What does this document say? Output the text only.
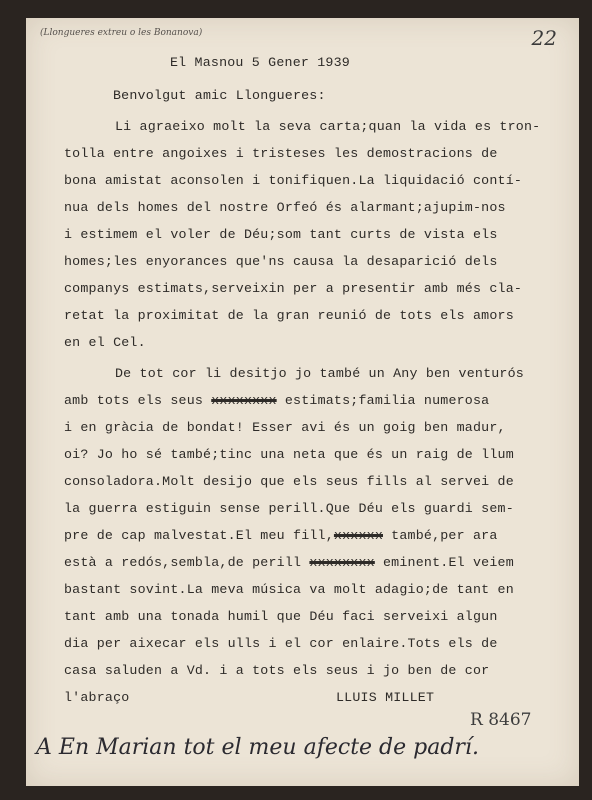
(Llongueres extreu o les Bonanova)	22
El Masnou 5 Gener 1939
Benvolgut amic Llongueres:
Li agraeixo molt la seva carta;quan la vida es tron-
tolla entre angoixes i tristeses les demostracions de
bona amistat aconsolen i tonifiquen.La liquidació contí-
nua dels homes del nostre Orfeó és alarmant;ajupim-nos
i estimem el voler de Déu;som tant curts de vista els
homes;les enyorances que'ns causa la desaparició dels
companys estimats,serveixin per a presentir amb més cla-
retat la proximitat de la gran reunió de tots els amors
en el Cel.
De tot cor li desitjo jo també un Any ben venturós
amb tots els seus xxxxxxxx estimats;familia numerosa
i en gràcia de bondat! Esser avi és un goig ben madur,
oi? Jo ho sé també;tinc una neta que és un raig de llum
consoladora.Molt desijo que els seus fills al servei de
la guerra estiguin sense perill.Que Déu els guardi sem-
pre de cap malvestat.El meu fill,xxxxxx també,per ara
està a redós,sembla,de perill xxxxxxxx eminent.El veiem
bastant sovint.La meva música va molt adagio;de tant en
tant amb una tonada humil que Déu faci serveixi algun
dia per aixecar els ulls i el cor enlaire.Tots els de
casa saluden a Vd. i a tots els seus i jo ben de cor
l'abraço	LLUIS MILLET
R 8467
A En Marian tot el meu afecte de padrí.
